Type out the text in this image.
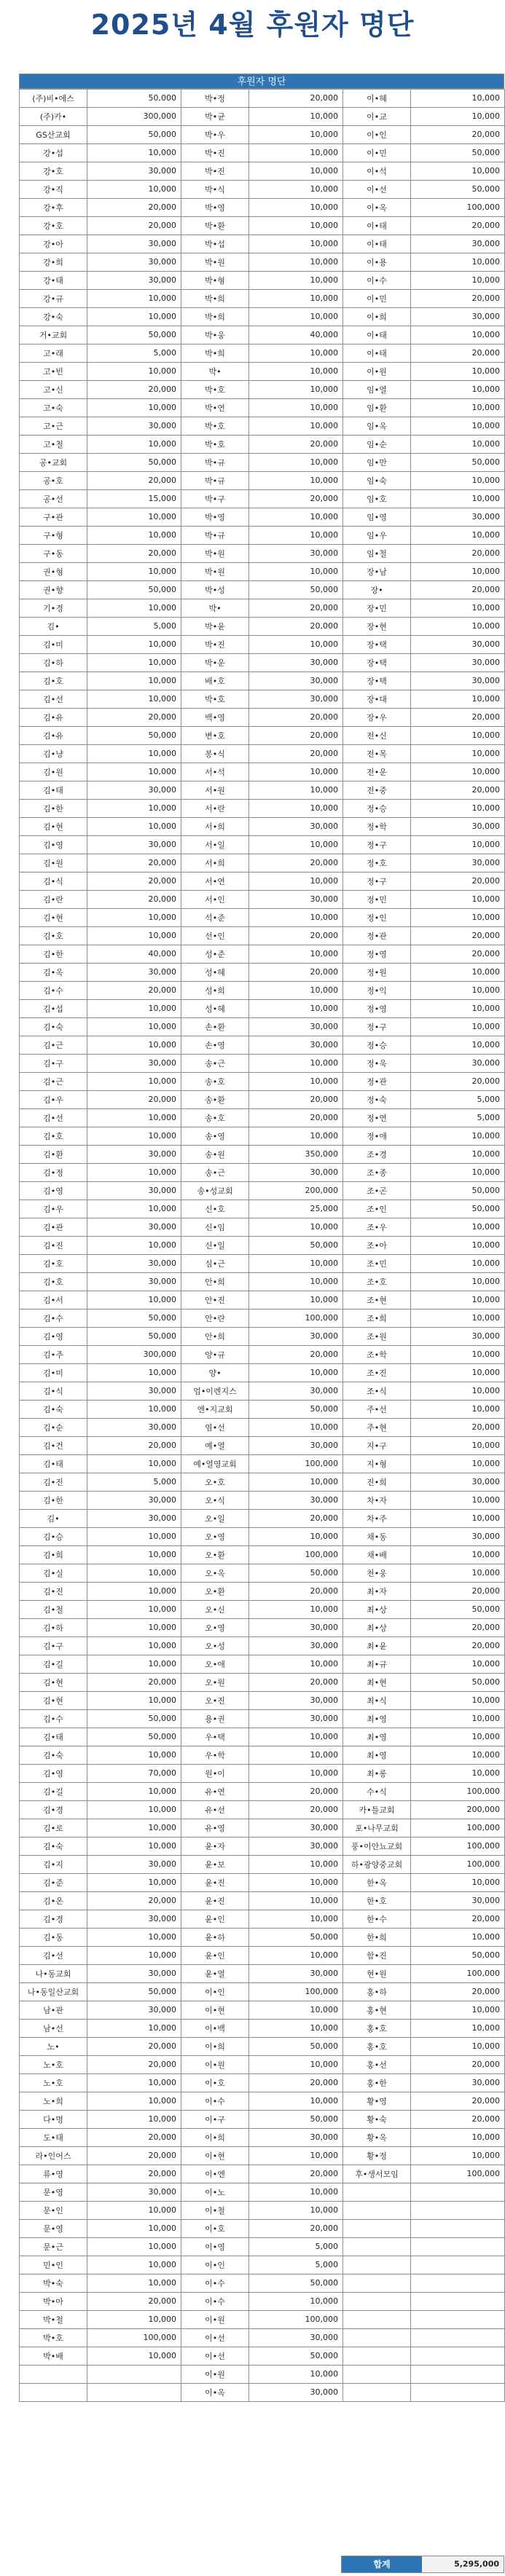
2025년 4월 후원자 명단

(주)비•에스	50,000	박•정	20,000	이•혜	10,000
(주)카•	300,000	박•균	10,000	이•교	10,000
GS산교회	50,000	박•우	10,000	이•인	20,000
강•섭	10,000	박•진	10,000	이•민	50,000
강•호	30,000	박•진	10,000	이•석	10,000
강•직	10,000	박•식	10,000	이•선	50,000
강•후	20,000	박•영	10,000	이•옥	100,000
강•호	20,000	박•환	10,000	이•태	20,000
강•아	30,000	박•섭	10,000	이•태	30,000
강•희	30,000	박•원	10,000	이•용	10,000
강•태	30,000	박•형	10,000	이•수	10,000
강•규	10,000	박•희	10,000	이•민	20,000
강•숙	10,000	박•희	10,000	이•희	30,000
거•교회	50,000	박•웅	40,000	이•태	10,000
고•래	5,000	박•희	10,000	이•태	20,000
고•빈	10,000	박•	10,000	이•원	10,000
고•신	20,000	박•호	10,000	임•열	10,000
고•숙	10,000	박•연	10,000	임•환	10,000
고•근	30,000	박•호	10,000	임•옥	10,000
고•철	10,000	박•호	20,000	임•순	10,000
공•교회	50,000	박•규	10,000	임•만	50,000
공•호	20,000	박•규	10,000	임•숙	10,000
공•선	15,000	박•구	20,000	임•호	10,000
구•관	10,000	박•영	10,000	임•영	30,000
구•형	10,000	박•규	10,000	임•우	10,000
구•동	20,000	박•원	30,000	임•철	20,000
권•형	10,000	박•원	10,000	장•남	10,000
권•향	50,000	박•성	50,000	장•	20,000
기•경	10,000	박•	20,000	장•민	10,000
김•	5,000	박•윤	20,000	장•현	10,000
김•미	10,000	박•진	10,000	장•택	30,000
김•하	10,000	박•운	30,000	장•택	30,000
김•호	10,000	배•호	30,000	장•택	30,000
김•선	10,000	박•호	30,000	장•대	10,000
김•유	20,000	백•영	20,000	장•우	20,000
김•유	50,000	변•호	20,000	전•신	10,000
김•냥	10,000	봉•식	20,000	전•목	10,000
김•원	10,000	서•석	10,000	전•운	10,000
김•태	30,000	서•원	10,000	전•중	20,000
김•한	10,000	서•란	10,000	정•승	10,000
김•현	10,000	서•희	30,000	정•학	30,000
김•영	30,000	서•일	10,000	정•구	10,000
김•원	20,000	서•희	20,000	정•호	30,000
김•식	20,000	서•연	10,000	정•구	20,000
김•란	20,000	서•인	30,000	정•민	10,000
김•현	10,000	석•준	10,000	정•인	10,000
김•호	10,000	선•인	20,000	정•관	20,000
김•한	40,000	성•준	10,000	정•영	20,000
김•옥	30,000	성•혜	20,000	정•원	10,000
김•수	20,000	성•희	10,000	정•익	10,000
김•섭	10,000	성•혜	10,000	정•영	10,000
김•숙	10,000	손•환	30,000	정•구	10,000
김•근	10,000	손•영	30,000	정•승	10,000
김•구	30,000	송•근	10,000	정•욱	30,000
김•근	10,000	송•호	10,000	정•관	20,000
김•우	20,000	송•환	20,000	정•숙	5,000
김•선	10,000	송•호	20,000	정•연	5,000
김•호	10,000	송•영	10,000	정•애	10,000
김•환	30,000	송•원	350,000	조•경	10,000
김•정	10,000	송•근	30,000	조•종	10,000
김•영	30,000	송•성교회	200,000	조•곤	50,000
김•우	10,000	신•호	25,000	조•인	50,000
김•관	30,000	신•임	10,000	조•우	10,000
김•진	10,000	신•일	50,000	조•아	10,000
김•호	30,000	심•근	10,000	조•민	10,000
김•호	30,000	안•희	10,000	조•호	10,000
김•서	10,000	안•진	10,000	조•현	10,000
김•수	50,000	안•란	100,000	조•희	10,000
김•영	50,000	안•희	30,000	조•원	30,000
김•주	300,000	양•규	20,000	조•학	10,000
김•미	10,000	양•	10,000	조•진	10,000
김•식	30,000	엄•이렌지스	30,000	조•식	10,000
김•숙	10,000	엔•지교회	50,000	주•선	10,000
김•순	30,000	염•선	10,000	주•현	20,000
김•건	20,000	예•열	30,000	지•구	10,000
김•태	10,000	예•열영교회	100,000	지•형	10,000
김•진	5,000	오•호	10,000	진•희	30,000
김•한	30,000	오•식	30,000	차•자	10,000
김•	30,000	오•일	20,000	차•주	10,000
김•승	10,000	오•영	10,000	채•동	30,000
김•희	10,000	오•환	100,000	채•배	10,000
김•실	10,000	오•옥	50,000	천•웅	10,000
김•진	10,000	오•환	20,000	최•자	20,000
김•철	10,000	오•신	10,000	최•상	50,000
김•하	10,000	오•영	30,000	최•상	20,000
김•구	10,000	오•성	30,000	최•윤	20,000
김•길	10,000	오•애	10,000	최•규	10,000
김•현	20,000	오•원	20,000	최•현	50,000
김•현	10,000	오•진	30,000	최•식	10,000
김•수	50,000	용•권	30,000	최•영	10,000
김•태	50,000	우•택	10,000	최•영	10,000
김•숙	10,000	우•학	10,000	최•영	10,000
김•영	70,000	원•이	10,000	최•롱	10,000
김•길	10,000	유•연	20,000	수•식	100,000
김•경	10,000	유•선	20,000	카•틀교회	200,000
김•로	10,000	유•영	30,000	포•나무교회	100,000
김•숙	10,000	윤•자	30,000	풍•이안뇨교회	100,000
김•지	30,000	윤•보	10,000	하•광양중교회	100,000
김•준	10,000	윤•진	10,000	한•옥	10,000
김•온	20,000	윤•진	10,000	한•호	30,000
김•경	30,000	윤•인	10,000	한•수	20,000
김•동	10,000	윤•하	50,000	한•희	10,000
김•선	10,000	윤•인	10,000	함•진	50,000
나•동교회	30,000	윤•열	30,000	현•원	100,000
나•동일산교회	50,000	이•인	100,000	홍•하	20,000
남•관	30,000	이•현	10,000	홍•현	10,000
남•선	10,000	이•백	10,000	홍•호	10,000
노•	20,000	이•희	50,000	홍•호	10,000
노•호	20,000	이•원	10,000	홍•선	20,000
노•호	10,000	이•호	20,000	홍•한	30,000
노•희	10,000	이•수	10,000	황•영	20,000
다•명	10,000	이•구	50,000	황•숙	20,000
도•태	20,000	이•희	30,000	황•옥	10,000
라•인어스	20,000	이•현	10,000	황•정	10,000
류•영	20,000	이•엔	20,000	후•생서모임	100,000
문•영	30,000	이•노	10,000		
문•인	10,000	이•철	10,000		
문•영	10,000	이•호	20,000		
문•근	10,000	이•영	5,000		
민•인	10,000	이•인	5,000		
박•숙	10,000	이•수	50,000		
박•아	20,000	이•수	10,000		
박•철	10,000	이•원	100,000		
박•호	100,000	이•선	30,000		
박•배	10,000	이•선	50,000		
		이•원	10,000		
		이•옥	30,000		
후원자 명단
합계	5,295,000
